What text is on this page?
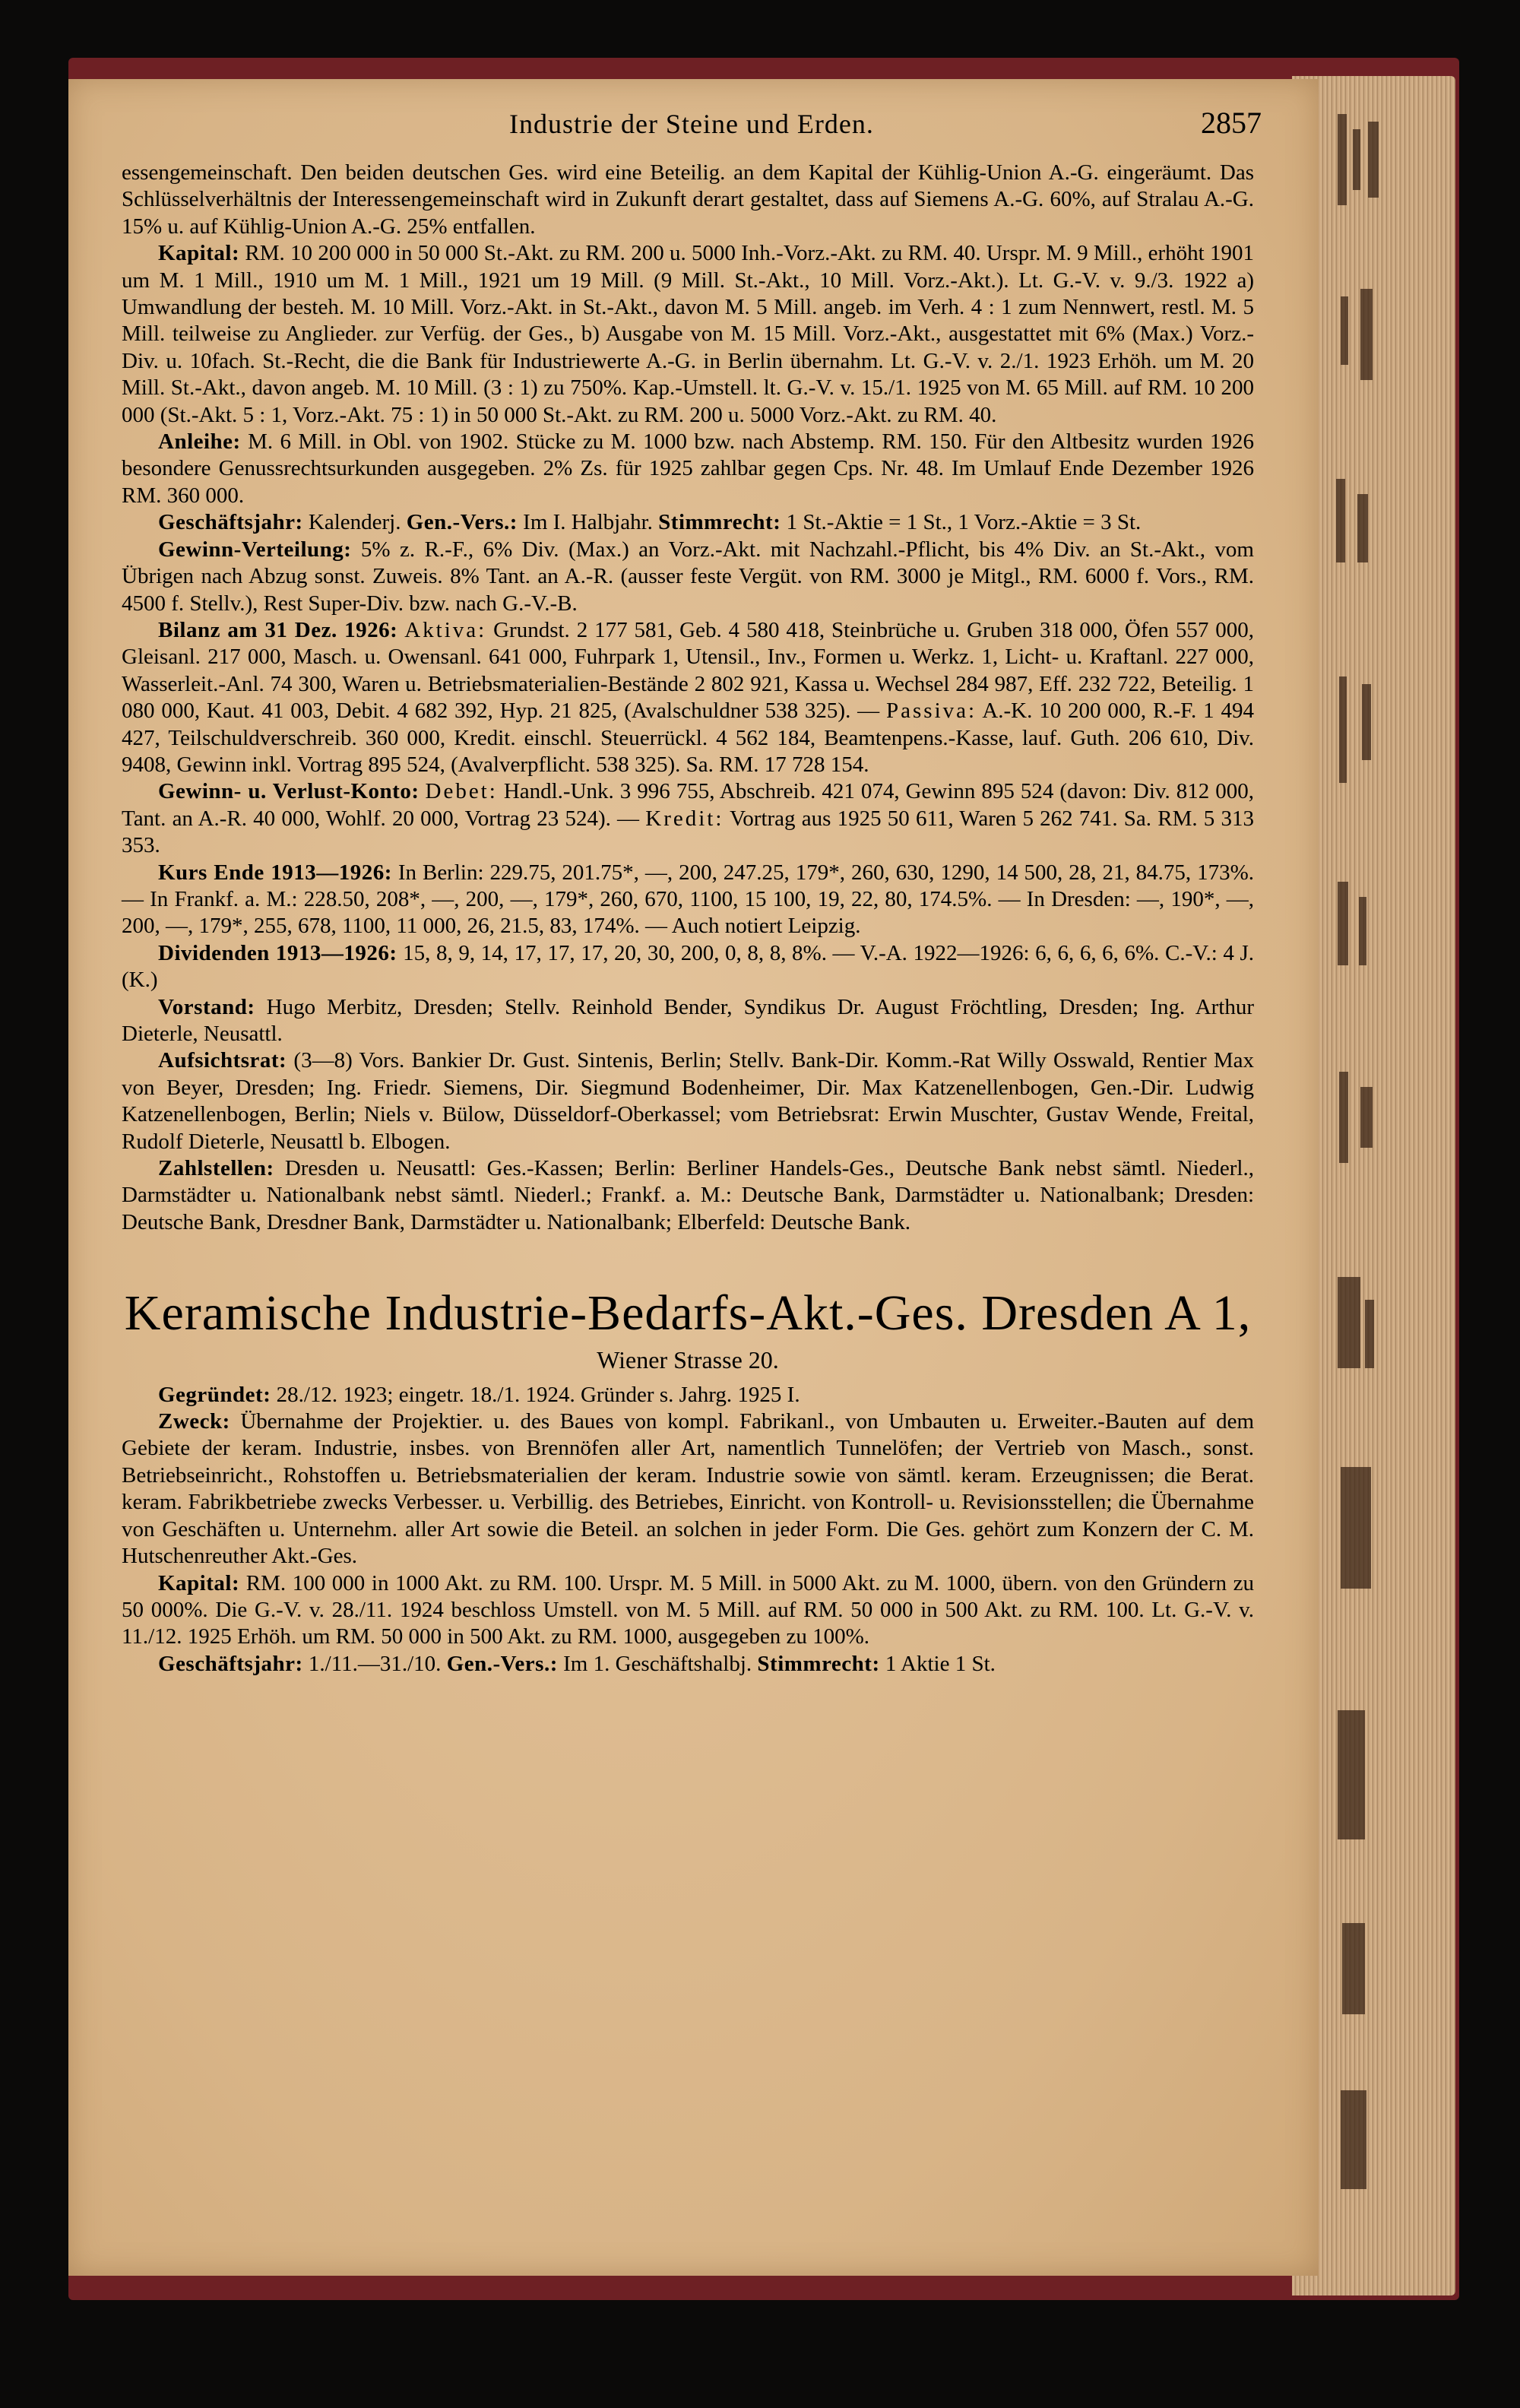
Industrie der Steine und Erden.	2857

essengemeinschaft. Den beiden deutschen Ges. wird eine Beteilig. an dem Kapital der Kühlig-Union A.-G. eingeräumt. Das Schlüsselverhältnis der Interessengemeinschaft wird in Zukunft derart gestaltet, dass auf Siemens A.-G. 60%, auf Stralau A.-G. 15% u. auf Kühlig-Union A.-G. 25% entfallen.

Kapital: RM. 10 200 000 in 50 000 St.-Akt. zu RM. 200 u. 5000 Inh.-Vorz.-Akt. zu RM. 40. Urspr. M. 9 Mill., erhöht 1901 um M. 1 Mill., 1910 um M. 1 Mill., 1921 um 19 Mill. (9 Mill. St.-Akt., 10 Mill. Vorz.-Akt.). Lt. G.-V. v. 9./3. 1922 a) Umwandlung der besteh. M. 10 Mill. Vorz.-Akt. in St.-Akt., davon M. 5 Mill. angeb. im Verh. 4 : 1 zum Nennwert, restl. M. 5 Mill. teilweise zu Anglieder. zur Verfüg. der Ges., b) Ausgabe von M. 15 Mill. Vorz.-Akt., ausgestattet mit 6% (Max.) Vorz.-Div. u. 10fach. St.-Recht, die die Bank für Industriewerte A.-G. in Berlin übernahm. Lt. G.-V. v. 2./1. 1923 Erhöh. um M. 20 Mill. St.-Akt., davon angeb. M. 10 Mill. (3 : 1) zu 750%. Kap.-Umstell. lt. G.-V. v. 15./1. 1925 von M. 65 Mill. auf RM. 10 200 000 (St.-Akt. 5 : 1, Vorz.-Akt. 75 : 1) in 50 000 St.-Akt. zu RM. 200 u. 5000 Vorz.-Akt. zu RM. 40.

Anleihe: M. 6 Mill. in Obl. von 1902. Stücke zu M. 1000 bzw. nach Abstemp. RM. 150. Für den Altbesitz wurden 1926 besondere Genussrechtsurkunden ausgegeben. 2% Zs. für 1925 zahlbar gegen Cps. Nr. 48. Im Umlauf Ende Dezember 1926 RM. 360 000.

Geschäftsjahr: Kalenderj. Gen.-Vers.: Im I. Halbjahr. Stimmrecht: 1 St.-Aktie = 1 St., 1 Vorz.-Aktie = 3 St.

Gewinn-Verteilung: 5% z. R.-F., 6% Div. (Max.) an Vorz.-Akt. mit Nachzahl.-Pflicht, bis 4% Div. an St.-Akt., vom Übrigen nach Abzug sonst. Zuweis. 8% Tant. an A.-R. (ausser feste Vergüt. von RM. 3000 je Mitgl., RM. 6000 f. Vors., RM. 4500 f. Stellv.), Rest Super-Div. bzw. nach G.-V.-B.

Bilanz am 31 Dez. 1926: Aktiva: Grundst. 2 177 581, Geb. 4 580 418, Steinbrüche u. Gruben 318 000, Öfen 557 000, Gleisanl. 217 000, Masch. u. Owensanl. 641 000, Fuhrpark 1, Utensil., Inv., Formen u. Werkz. 1, Licht- u. Kraftanl. 227 000, Wasserleit.-Anl. 74 300, Waren u. Betriebsmaterialien-Bestände 2 802 921, Kassa u. Wechsel 284 987, Eff. 232 722, Beteilig. 1 080 000, Kaut. 41 003, Debit. 4 682 392, Hyp. 21 825, (Avalschuldner 538 325). — Passiva: A.-K. 10 200 000, R.-F. 1 494 427, Teilschuldverschreib. 360 000, Kredit. einschl. Steuerrückl. 4 562 184, Beamtenpens.-Kasse, lauf. Guth. 206 610, Div. 9408, Gewinn inkl. Vortrag 895 524, (Avalverpflicht. 538 325). Sa. RM. 17 728 154.

Gewinn- u. Verlust-Konto: Debet: Handl.-Unk. 3 996 755, Abschreib. 421 074, Gewinn 895 524 (davon: Div. 812 000, Tant. an A.-R. 40 000, Wohlf. 20 000, Vortrag 23 524). — Kredit: Vortrag aus 1925 50 611, Waren 5 262 741. Sa. RM. 5 313 353.

Kurs Ende 1913—1926: In Berlin: 229.75, 201.75*, —, 200, 247.25, 179*, 260, 630, 1290, 14 500, 28, 21, 84.75, 173%. — In Frankf. a. M.: 228.50, 208*, —, 200, —, 179*, 260, 670, 1100, 15 100, 19, 22, 80, 174.5%. — In Dresden: —, 190*, —, 200, —, 179*, 255, 678, 1100, 11 000, 26, 21.5, 83, 174%. — Auch notiert Leipzig.

Dividenden 1913—1926: 15, 8, 9, 14, 17, 17, 17, 20, 30, 200, 0, 8, 8, 8%. — V.-A. 1922—1926: 6, 6, 6, 6, 6%. C.-V.: 4 J. (K.)

Vorstand: Hugo Merbitz, Dresden; Stellv. Reinhold Bender, Syndikus Dr. August Fröchtling, Dresden; Ing. Arthur Dieterle, Neusattl.

Aufsichtsrat: (3—8) Vors. Bankier Dr. Gust. Sintenis, Berlin; Stellv. Bank-Dir. Komm.-Rat Willy Osswald, Rentier Max von Beyer, Dresden; Ing. Friedr. Siemens, Dir. Siegmund Bodenheimer, Dir. Max Katzenellenbogen, Gen.-Dir. Ludwig Katzenellenbogen, Berlin; Niels v. Bülow, Düsseldorf-Oberkassel; vom Betriebsrat: Erwin Muschter, Gustav Wende, Freital, Rudolf Dieterle, Neusattl b. Elbogen.

Zahlstellen: Dresden u. Neusattl: Ges.-Kassen; Berlin: Berliner Handels-Ges., Deutsche Bank nebst sämtl. Niederl., Darmstädter u. Nationalbank nebst sämtl. Niederl.; Frankf. a. M.: Deutsche Bank, Darmstädter u. Nationalbank; Dresden: Deutsche Bank, Dresdner Bank, Darmstädter u. Nationalbank; Elberfeld: Deutsche Bank.

Keramische Industrie-Bedarfs-Akt.-Ges. Dresden A 1,
Wiener Strasse 20.

Gegründet: 28./12. 1923; eingetr. 18./1. 1924. Gründer s. Jahrg. 1925 I.

Zweck: Übernahme der Projektier. u. des Baues von kompl. Fabrikanl., von Umbauten u. Erweiter.-Bauten auf dem Gebiete der keram. Industrie, insbes. von Brennöfen aller Art, namentlich Tunnelöfen; der Vertrieb von Masch., sonst. Betriebseinricht., Rohstoffen u. Betriebsmaterialien der keram. Industrie sowie von sämtl. keram. Erzeugnissen; die Berat. keram. Fabrikbetriebe zwecks Verbesser. u. Verbillig. des Betriebes, Einricht. von Kontroll- u. Revisionsstellen; die Übernahme von Geschäften u. Unternehm. aller Art sowie die Beteil. an solchen in jeder Form. Die Ges. gehört zum Konzern der C. M. Hutschenreuther Akt.-Ges.

Kapital: RM. 100 000 in 1000 Akt. zu RM. 100. Urspr. M. 5 Mill. in 5000 Akt. zu M. 1000, übern. von den Gründern zu 50 000%. Die G.-V. v. 28./11. 1924 beschloss Umstell. von M. 5 Mill. auf RM. 50 000 in 500 Akt. zu RM. 100. Lt. G.-V. v. 11./12. 1925 Erhöh. um RM. 50 000 in 500 Akt. zu RM. 1000, ausgegeben zu 100%.

Geschäftsjahr: 1./11.—31./10. Gen.-Vers.: Im 1. Geschäftshalbj. Stimmrecht: 1 Aktie 1 St.
